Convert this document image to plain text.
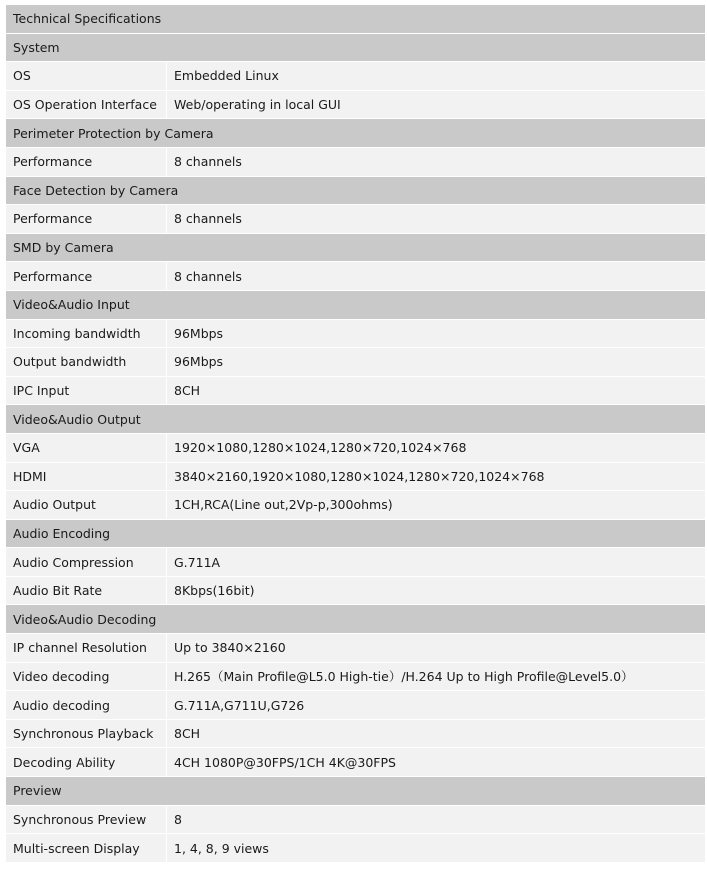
Technical Specifications
System
OS	Embedded Linux
OS Operation Interface	Web/operating in local GUI
Perimeter Protection by Camera
Performance	8 channels
Face Detection by Camera
Performance	8 channels
SMD by Camera
Performance	8 channels
Video&Audio Input
Incoming bandwidth	96Mbps
Output bandwidth	96Mbps
IPC Input	8CH
Video&Audio Output
VGA	1920×1080,1280×1024,1280×720,1024×768
HDMI	3840×2160,1920×1080,1280×1024,1280×720,1024×768
Audio Output	1CH,RCA(Line out,2Vp-p,300ohms)
Audio Encoding
Audio Compression	G.711A
Audio Bit Rate	8Kbps(16bit)
Video&Audio Decoding
IP channel Resolution	Up to 3840×2160
Video decoding	H.265（Main Profile@L5.0 High-tie）/H.264 Up to High Profile@Level5.0）
Audio decoding	G.711A,G711U,G726
Synchronous Playback	8CH
Decoding Ability	4CH 1080P@30FPS/1CH 4K@30FPS
Preview
Synchronous Preview	8
Multi-screen Display	1, 4, 8, 9 views
